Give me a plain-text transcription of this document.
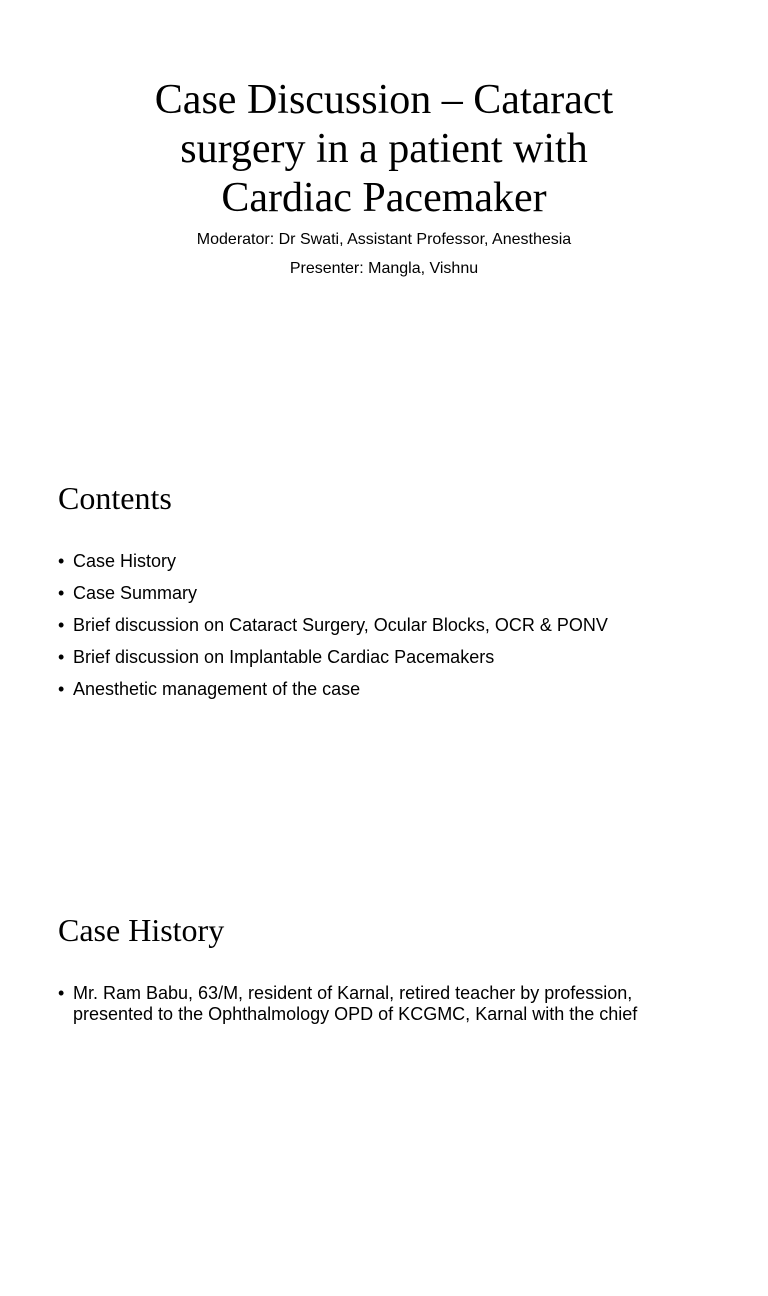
Case Discussion – Cataract
surgery in a patient with
Cardiac Pacemaker

Moderator: Dr Swati, Assistant Professor, Anesthesia

Presenter: Mangla, Vishnu

Contents
• Case History
• Case Summary
• Brief discussion on Cataract Surgery, Ocular Blocks, OCR & PONV
• Brief discussion on Implantable Cardiac Pacemakers
• Anesthetic management of the case
Case History
• Mr. Ram Babu, 63/M, resident of Karnal, retired teacher by profession, presented to the Ophthalmology OPD of KCGMC, Karnal with the chief
